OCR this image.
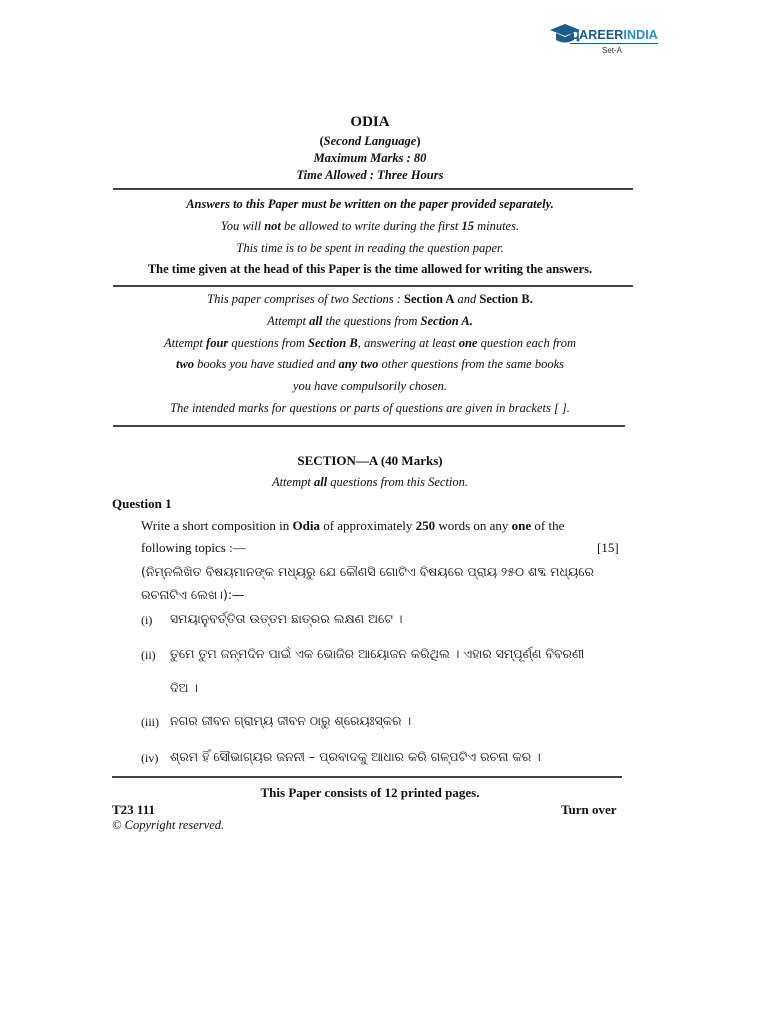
CAREERINDIA
Set-A
ODIA
(Second Language)
Maximum Marks : 80
Time Allowed : Three Hours
Answers to this Paper must be written on the paper provided separately.
You will not be allowed to write during the first 15 minutes.
This time is to be spent in reading the question paper.
The time given at the head of this Paper is the time allowed for writing the answers.
This paper comprises of two Sections : Section A and Section B.
Attempt all the questions from Section A.
Attempt four questions from Section B, answering at least one question each from
two books you have studied and any two other questions from the same books
you have compulsorily chosen.
The intended marks for questions or parts of questions are given in brackets [ ].
SECTION—A (40 Marks)
Attempt all questions from this Section.
Question 1
Write a short composition in Odia of approximately 250 words on any one of the
following topics :—	[15]
(ନିମ୍ନଲିଖିତ ବିଷୟମାନଙ୍କ ମଧ୍ୟରୁ ଯେ କୌଣସି ଗୋଟିଏ ବିଷୟରେ ପ୍ରାୟ ୨୫୦ ଶବ୍ଦ ମଧ୍ୟରେ
ରଚନାଟିଏ ଲେଖ।):—
(i) ସମୟାନୁବର୍ତ୍ତିତା ଉତ୍ତମ ଛାତ୍ରର ଲକ୍ଷଣ ଅଟେ ।
(ii) ତୁମେ ତୁମ ଜନ୍ମଦିନ ପାଇଁ ଏକ ଭୋଜିର ଆୟୋଜନ କରିଥିଲ । ଏହାର ସମ୍ପୂର୍ଣ୍ଣ ବିବରଣୀ
ଦିଅ ।
(iii) ନଗର ଜୀବନ ଗ୍ରାମ୍ୟ ଜୀବନ ଠାରୁ ଶ୍ରେୟଃସ୍କର ।
(iv) ଶ୍ରମ ହିଁ ସୌଭାଗ୍ୟର ଜନନୀ – ପ୍ରବାଦକୁ ଆଧାର କରି ଗଳ୍ପଟିଏ ରଚନା କର ।
This Paper consists of 12 printed pages.
T23 111	Turn over
© Copyright reserved.
